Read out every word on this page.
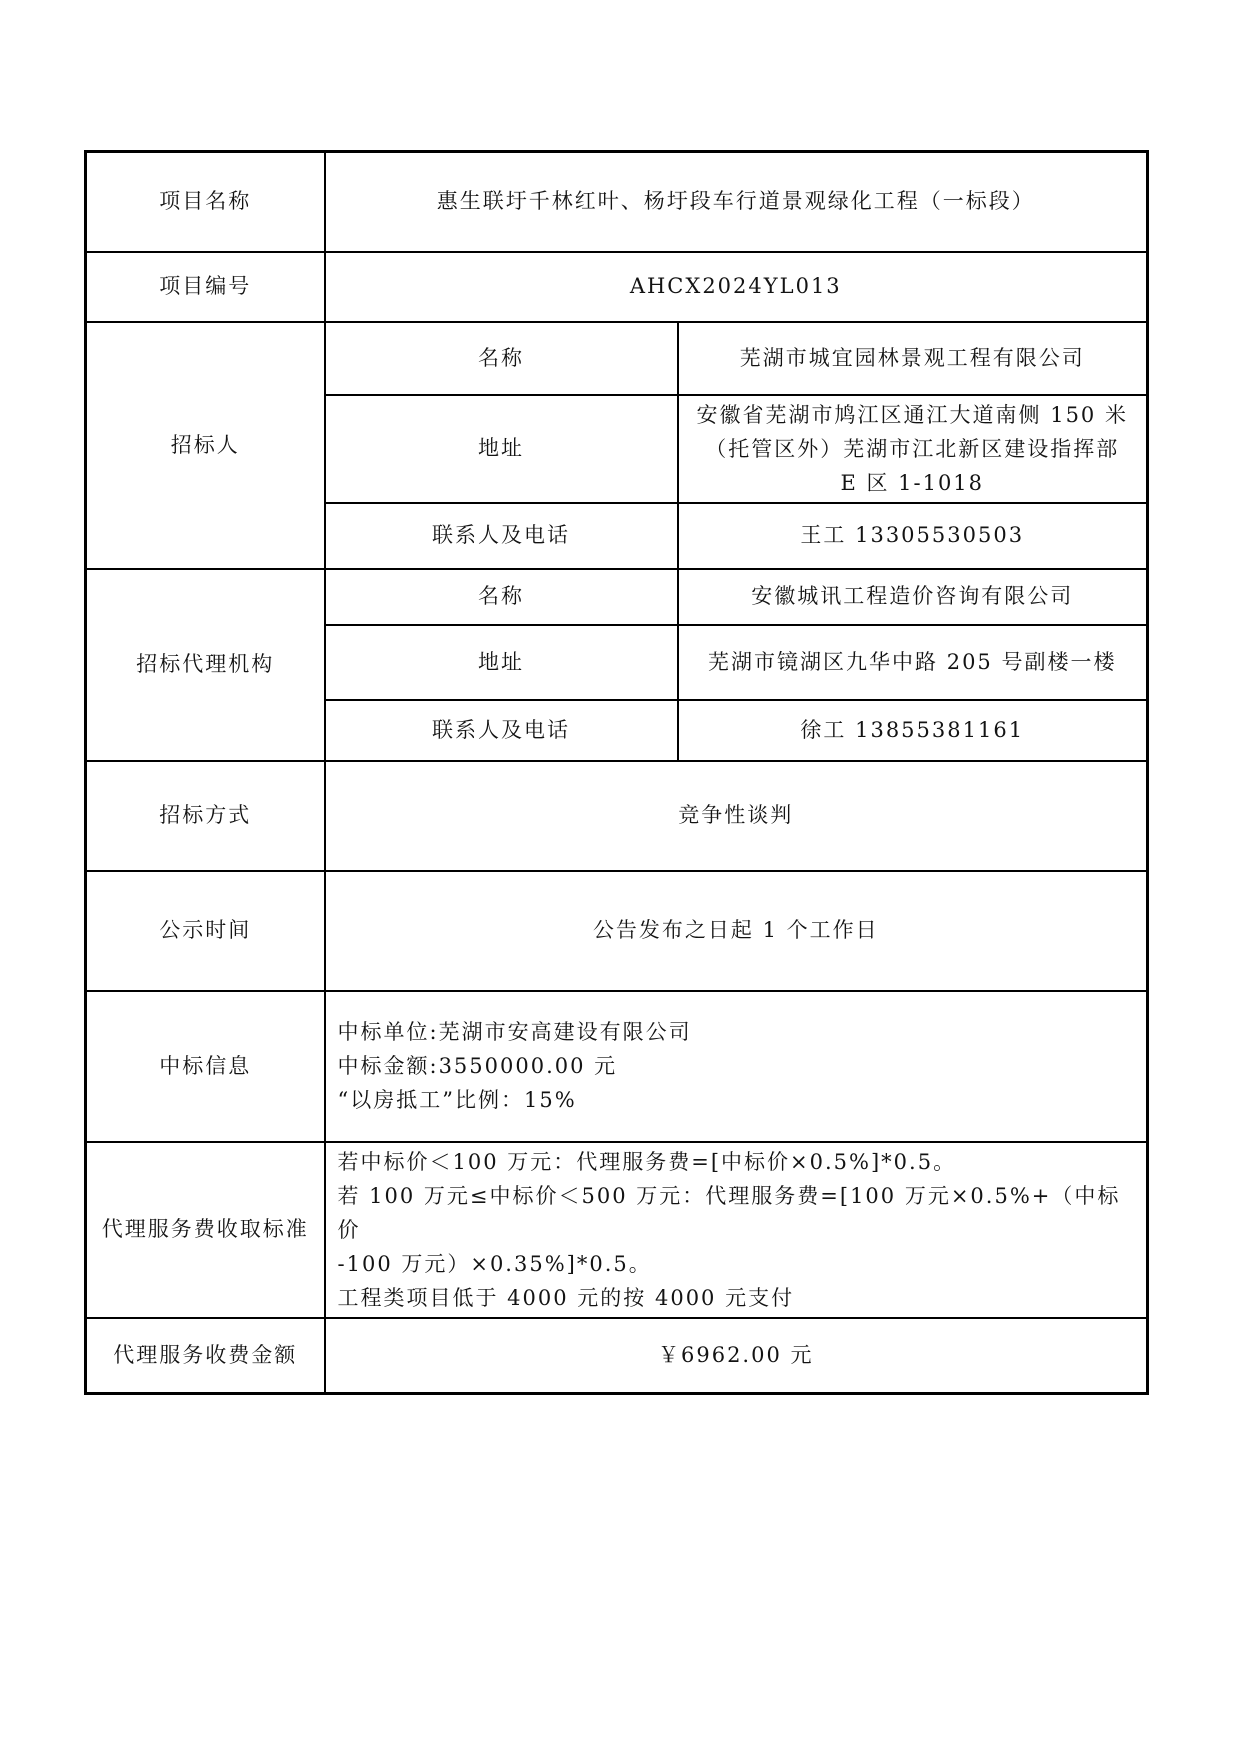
项目名称	惠生联圩千林红叶、杨圩段车行道景观绿化工程（一标段）	
项目编号	AHCX2024YL013	
招标人	名称	芜湖市城宜园林景观工程有限公司
	地址	安徽省芜湖市鸠江区通江大道南侧 150 米
（托管区外）芜湖市江北新区建设指挥部
E 区 1-1018

	联系人及电话	王工 13305530503
招标代理机构	名称	安徽城讯工程造价咨询有限公司
	地址	芜湖市镜湖区九华中路 205 号副楼一楼
	联系人及电话	徐工 13855381161
招标方式	竞争性谈判	
公示时间	公告发布之日起 1 个工作日	
中标信息	中标单位:芜湖市安高建设有限公司
中标金额:3550000.00 元
“以房抵工”比例：15%	

代理服务费收取标准	若中标价＜100 万元：代理服务费=[中标价×0.5%]*0.5。
若 100 万元≤中标价＜500 万元：代理服务费=[100 万元×0.5%+（中标价
-100 万元）×0.35%]*0.5。
工程类项目低于 4000 元的按 4000 元支付	

代理服务收费金额	￥6962.00 元	
